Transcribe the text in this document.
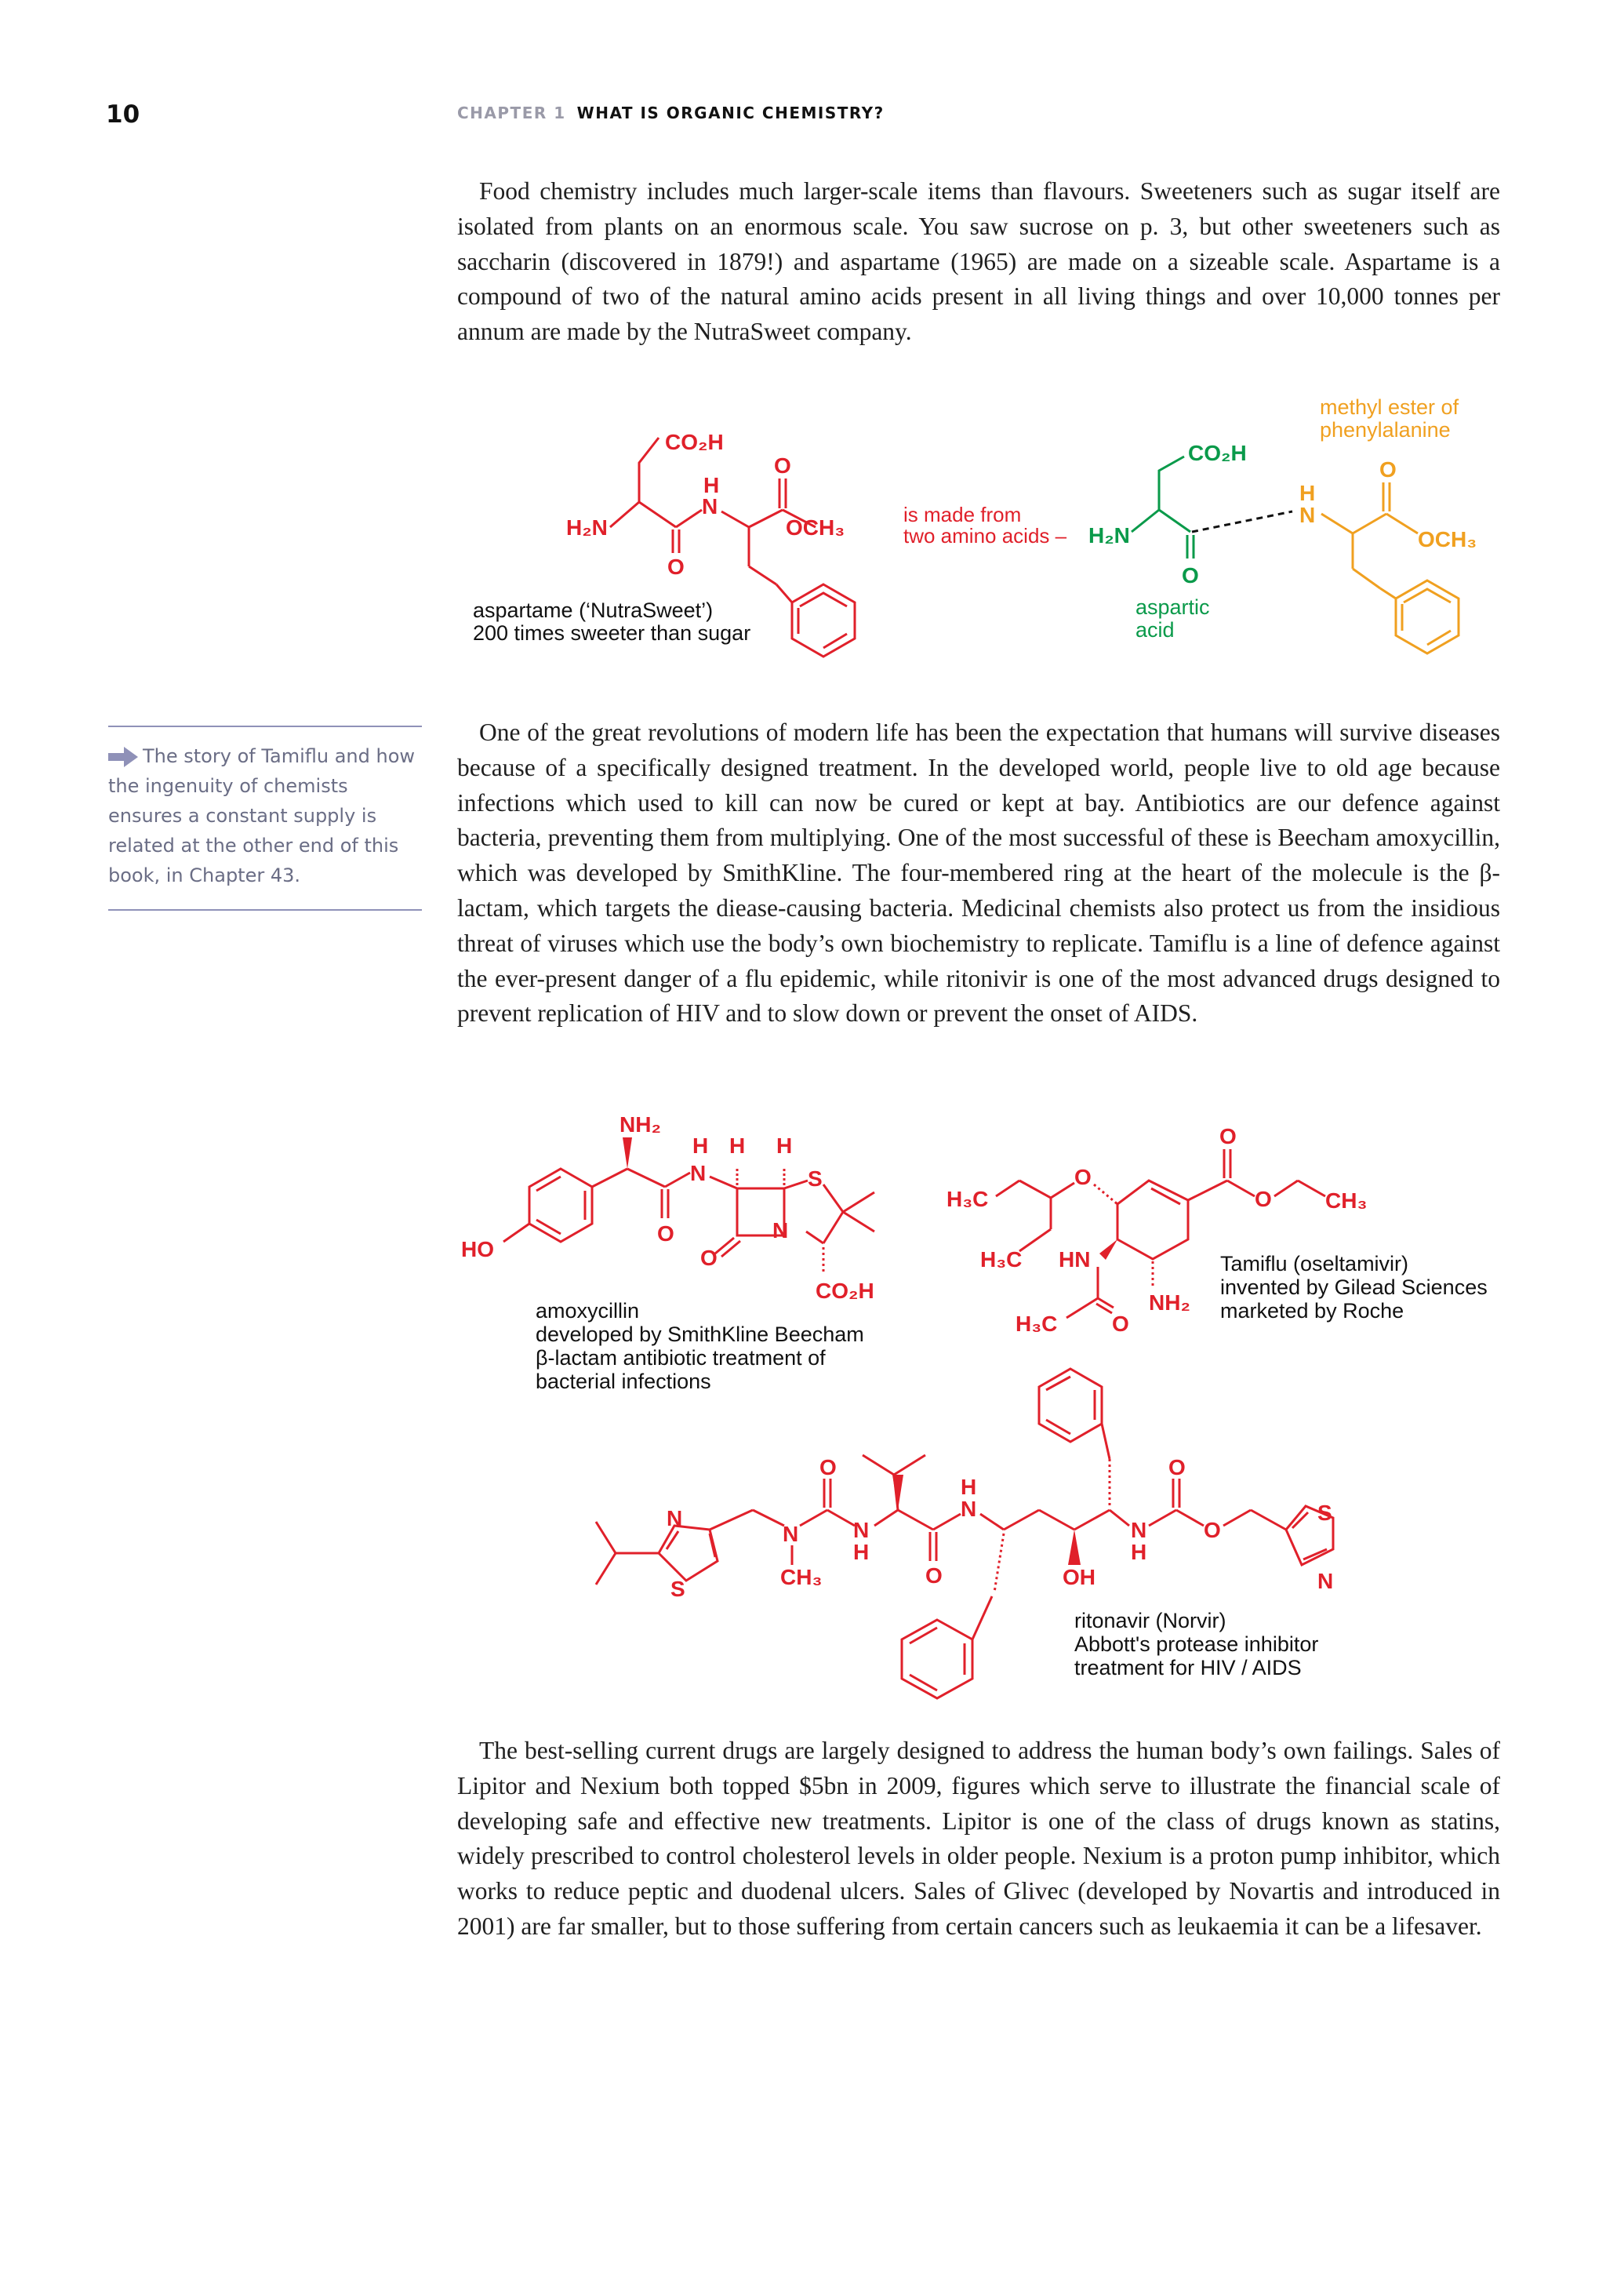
10	CHAPTER 1 WHAT IS ORGANIC CHEMISTRY?

Food chemistry includes much larger-scale items than flavours. Sweeteners such as sugar itself are isolated from plants on an enormous scale. You saw sucrose on p. 3, but other sweeteners such as saccharin (discovered in 1879!) and aspartame (1965) are made on a sizeable scale. Aspartame is a compound of two of the natural amino acids present in all living things and over 10,000 tonnes per annum are made by the NutraSweet company.

CO₂H
H
N
O
H₂N	OCH₃
O
aspartame (‘NutraSweet’)
200 times sweeter than sugar
is made from
two amino acids –
CO₂H
H₂N
O
aspartic
acid
H
N
O
OCH₃
methyl ester of
phenylalanine

The story of Tamiflu and how the ingenuity of chemists ensures a constant supply is related at the other end of this book, in Chapter 43.

One of the great revolutions of modern life has been the expectation that humans will survive diseases because of a specifically designed treatment. In the developed world, people live to old age because infections which used to kill can now be cured or kept at bay. Antibiotics are our defence against bacteria, preventing them from multiplying. One of the most successful of these is Beecham amoxycillin, which was developed by SmithKline. The four-membered ring at the heart of the molecule is the β-lactam, which targets the diease-causing bacteria. Medicinal chemists also protect us from the insidious threat of viruses which use the body’s own biochemistry to replicate. Tamiflu is a line of defence against the ever-present danger of a flu epidemic, while ritonivir is one of the most advanced drugs designed to prevent replication of HIV and to slow down or prevent the onset of AIDS.

NH₂
H H H
N	S
N
O
O
HO
CO₂H
amoxycillin
developed by SmithKline Beecham
β-lactam antibiotic treatment of
bacterial infections
H₃C
O
H₃C HN
H₃C O
NH₂
O
O CH₃
Tamiflu (oseltamivir)
invented by Gilead Sciences
marketed by Roche
N
S
N
CH₃
O
N
H
O
H
N
OH
N
H
O
O
S
N
ritonavir (Norvir)
Abbott's protease inhibitor
treatment for HIV / AIDS

The best-selling current drugs are largely designed to address the human body’s own failings. Sales of Lipitor and Nexium both topped $5bn in 2009, figures which serve to illustrate the financial scale of developing safe and effective new treatments. Lipitor is one of the class of drugs known as statins, widely prescribed to control cholesterol levels in older people. Nexium is a proton pump inhibitor, which works to reduce peptic and duodenal ulcers. Sales of Glivec (developed by Novartis and introduced in 2001) are far smaller, but to those suffering from certain cancers such as leukaemia it can be a lifesaver.
